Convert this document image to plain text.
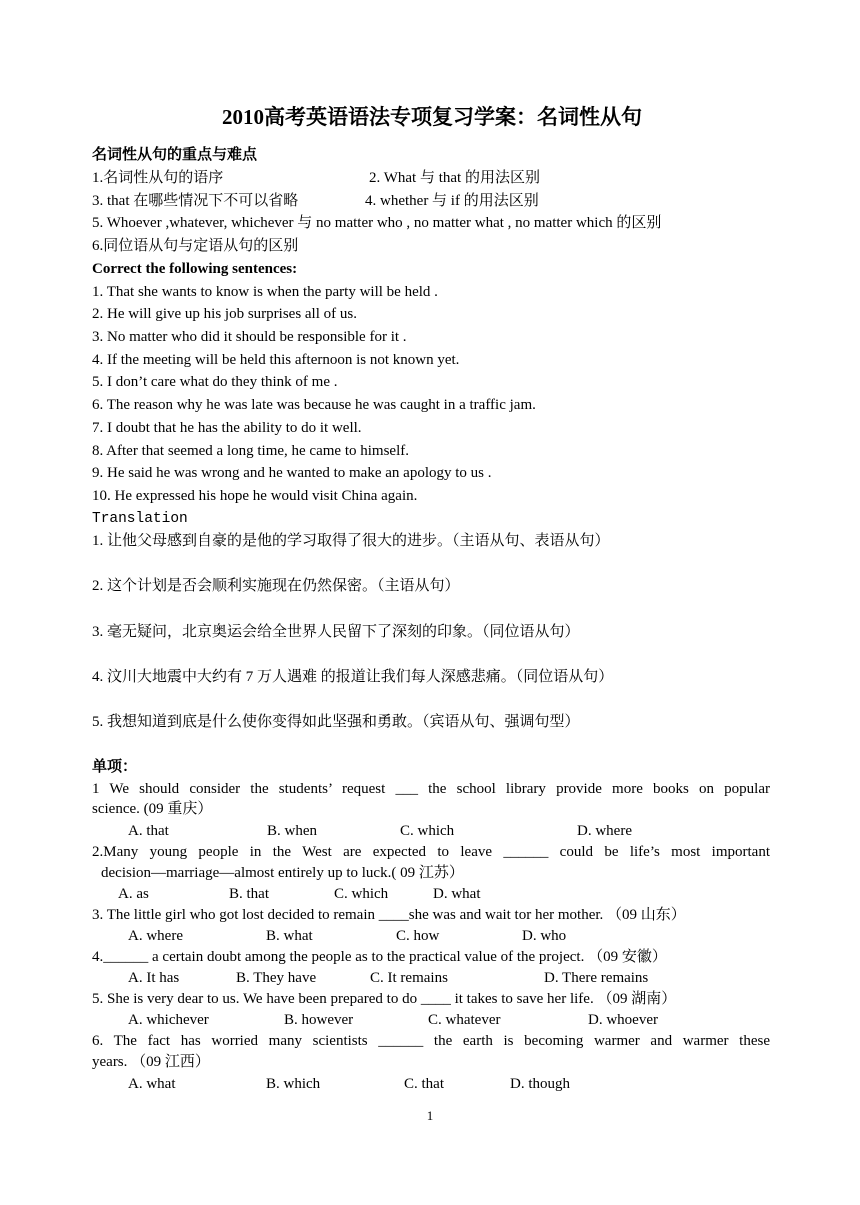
2010高考英语语法专项复习学案：名词性从句
名词性从句的重点与难点
1.名词性从句的语序	2. What 与 that 的用法区别
3. that 在哪些情况下不可以省略	4. whether 与 if 的用法区别
5. Whoever ,whatever, whichever 与 no matter who , no matter what , no matter which 的区别
6.同位语从句与定语从句的区别
Correct the following sentences:
1. That she wants to know is when the party will be held .
2. He will give up his job surprises all of us.
3. No matter who did it should be responsible for it .
4. If the meeting will be held this afternoon is not known yet.
5. I don’t care what do they think of me .
6. The reason why he was late was because he was caught in a traffic jam.
7. I doubt that he has the ability to do it well.
8. After that seemed a long time, he came to himself.
9. He said he was wrong and he wanted to make an apology to us .
10. He expressed his hope he would visit China again.
Translation
1. 让他父母感到自豪的是他的学习取得了很大的进步。（主语从句、表语从句）
2. 这个计划是否会顺利实施现在仍然保密。（主语从句）
3. 毫无疑问，北京奥运会给全世界人民留下了深刻的印象。（同位语从句）
4. 汶川大地震中大约有 7 万人遇难 的报道让我们每人深感悲痛。（同位语从句）
5. 我想知道到底是什么使你变得如此坚强和勇敢。（宾语从句、强调句型）
单项：
1 We should consider the students’ request ___ the school library provide more books on popular
science. (09 重庆）
A. that	B. when	C. which	D. where
2.Many young people in the West are expected to leave ______ could be life’s most important
decision—marriage—almost entirely up to luck.( 09 江苏）
A. as	B. that	C. which	D. what
3. The little girl who got lost decided to remain ____she was and wait tor her mother. （09 山东）
A. where	B. what	C. how	D. who
4.______ a certain doubt among the people as to the practical value of the project. （09 安徽）
A. It has	B. They have	C. It remains	D. There remains
5. She is very dear to us. We have been prepared to do ____ it takes to save her life. （09 湖南）
A. whichever	B. however	C. whatever	D. whoever
6. The fact has worried many scientists ______ the earth is becoming warmer and warmer these
years. （09 江西）
A. what	B. which	C. that	D. though
1
